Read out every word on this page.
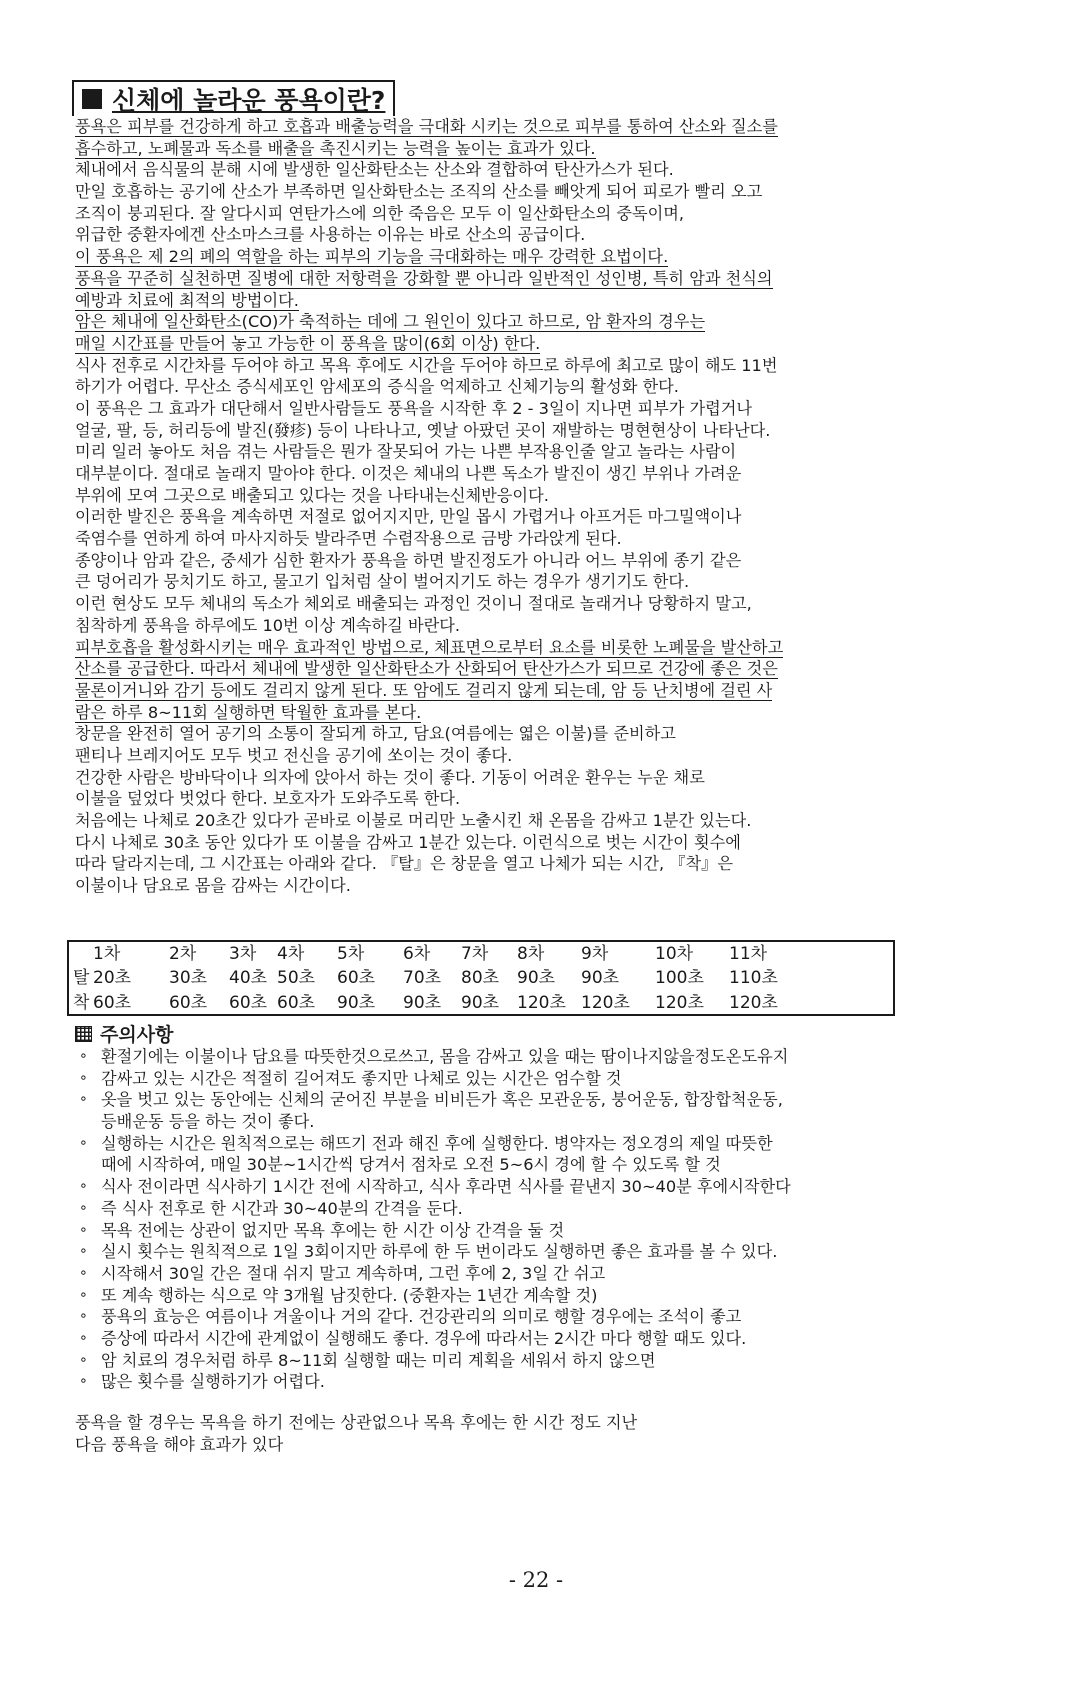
신체에 놀라운 풍욕이란?
풍욕은 피부를 건강하게 하고 호흡과 배출능력을 극대화 시키는 것으로 피부를 통하여 산소와 질소를
흡수하고, 노폐물과 독소를 배출을 촉진시키는 능력을 높이는 효과가 있다.
체내에서 음식물의 분해 시에 발생한 일산화탄소는 산소와 결합하여 탄산가스가 된다.
만일 호흡하는 공기에 산소가 부족하면 일산화탄소는 조직의 산소를 빼앗게 되어 피로가 빨리 오고
조직이 붕괴된다. 잘 알다시피 연탄가스에 의한 죽음은 모두 이 일산화탄소의 중독이며,
위급한 중환자에겐 산소마스크를 사용하는 이유는 바로 산소의 공급이다.
이 풍욕은 제 2의 폐의 역할을 하는 피부의 기능을 극대화하는 매우 강력한 요법이다.
풍욕을 꾸준히 실천하면 질병에 대한 저항력을 강화할 뿐 아니라 일반적인 성인병, 특히 암과 천식의
예방과 치료에 최적의 방법이다.
암은 체내에 일산화탄소(CO)가 축적하는 데에 그 원인이 있다고 하므로, 암 환자의 경우는
매일 시간표를 만들어 놓고 가능한 이 풍욕을 많이(6회 이상) 한다.
식사 전후로 시간차를 두어야 하고 목욕 후에도 시간을 두어야 하므로 하루에 최고로 많이 해도 11번
하기가 어렵다. 무산소 증식세포인 암세포의 증식을 억제하고 신체기능의 활성화 한다.
이 풍욕은 그 효과가 대단해서 일반사람들도 풍욕을 시작한 후 2 - 3일이 지나면 피부가 가렵거나
얼굴, 팔, 등, 허리등에 발진(發疹) 등이 나타나고, 옛날 아팠던 곳이 재발하는 명현현상이 나타난다.
미리 일러 놓아도 처음 겪는 사람들은 뭔가 잘못되어 가는 나쁜 부작용인줄 알고 놀라는 사람이
대부분이다. 절대로 놀래지 말아야 한다. 이것은 체내의 나쁜 독소가 발진이 생긴 부위나 가려운
부위에 모여 그곳으로 배출되고 있다는 것을 나타내는신체반응이다.
이러한 발진은 풍욕을 계속하면 저절로 없어지지만, 만일 몹시 가렵거나 아프거든 마그밀액이나
죽염수를 연하게 하여 마사지하듯 발라주면 수렴작용으로 금방 가라앉게 된다.
종양이나 암과 같은, 중세가 심한 환자가 풍욕을 하면 발진정도가 아니라 어느 부위에 종기 같은
큰 덩어리가 뭉치기도 하고, 물고기 입처럼 살이 벌어지기도 하는 경우가 생기기도 한다.
이런 현상도 모두 체내의 독소가 체외로 배출되는 과정인 것이니 절대로 놀래거나 당황하지 말고,
침착하게 풍욕을 하루에도 10번 이상 계속하길 바란다.
피부호흡을 활성화시키는 매우 효과적인 방법으로, 체표면으로부터 요소를 비롯한 노폐물을 발산하고
산소를 공급한다. 따라서 체내에 발생한 일산화탄소가 산화되어 탄산가스가 되므로 건강에 좋은 것은
물론이거니와 감기 등에도 걸리지 않게 된다. 또 암에도 걸리지 않게 되는데, 암 등 난치병에 걸린 사
람은 하루 8~11회 실행하면 탁월한 효과를 본다.
창문을 완전히 열어 공기의 소통이 잘되게 하고, 담요(여름에는 엷은 이불)를 준비하고
팬티나 브레지어도 모두 벗고 전신을 공기에 쏘이는 것이 좋다.
건강한 사람은 방바닥이나 의자에 앉아서 하는 것이 좋다. 기동이 어려운 환우는 누운 채로
이불을 덮었다 벗었다 한다. 보호자가 도와주도록 한다.
처음에는 나체로 20초간 있다가 곧바로 이불로 머리만 노출시킨 채 온몸을 감싸고 1분간 있는다.
다시 나체로 30초 동안 있다가 또 이불을 감싸고 1분간 있는다. 이런식으로 벗는 시간이 횟수에
따라 달라지는데, 그 시간표는 아래와 같다. 『탈』은 창문을 열고 나체가 되는 시간, 『착』은
이불이나 담요로 몸을 감싸는 시간이다.
1차	2차 3차 4차 5차 6차 7차 8차 9차	10차 11차
탈 20초 30초 40초 50초 60초 70초 80초 90초 90초 100초 110초
착 60초 60초 60초 60초 90초 90초 90초 120초 120초 120초 120초
주의사항
∘ 환절기에는 이불이나 담요를 따뜻한것으로쓰고, 몸을 감싸고 있을 때는 땀이나지않을정도온도유지
∘ 감싸고 있는 시간은 적절히 길어져도 좋지만 나체로 있는 시간은 엄수할 것
∘ 옷을 벗고 있는 동안에는 신체의 굳어진 부분을 비비든가 혹은 모관운동, 붕어운동, 합장합척운동,
등배운동 등을 하는 것이 좋다.
∘ 실행하는 시간은 원칙적으로는 해뜨기 전과 해진 후에 실행한다. 병약자는 정오경의 제일 따뜻한
때에 시작하여, 매일 30분~1시간씩 당겨서 점차로 오전 5~6시 경에 할 수 있도록 할 것
∘ 식사 전이라면 식사하기 1시간 전에 시작하고, 식사 후라면 식사를 끝낸지 30~40분 후에시작한다
∘ 즉 식사 전후로 한 시간과 30~40분의 간격을 둔다.
∘ 목욕 전에는 상관이 없지만 목욕 후에는 한 시간 이상 간격을 둘 것
∘ 실시 횟수는 원칙적으로 1일 3회이지만 하루에 한 두 번이라도 실행하면 좋은 효과를 볼 수 있다.
∘ 시작해서 30일 간은 절대 쉬지 말고 계속하며, 그런 후에 2, 3일 간 쉬고
∘ 또 계속 행하는 식으로 약 3개월 남짓한다. (중환자는 1년간 계속할 것)
∘ 풍욕의 효능은 여름이나 겨울이나 거의 같다. 건강관리의 의미로 행할 경우에는 조석이 좋고
∘ 증상에 따라서 시간에 관계없이 실행해도 좋다. 경우에 따라서는 2시간 마다 행할 때도 있다.
∘ 암 치료의 경우처럼 하루 8~11회 실행할 때는 미리 계획을 세워서 하지 않으면
∘ 많은 횟수를 실행하기가 어렵다.
풍욕을 할 경우는 목욕을 하기 전에는 상관없으나 목욕 후에는 한 시간 정도 지난
다음 풍욕을 해야 효과가 있다
- 22 -
